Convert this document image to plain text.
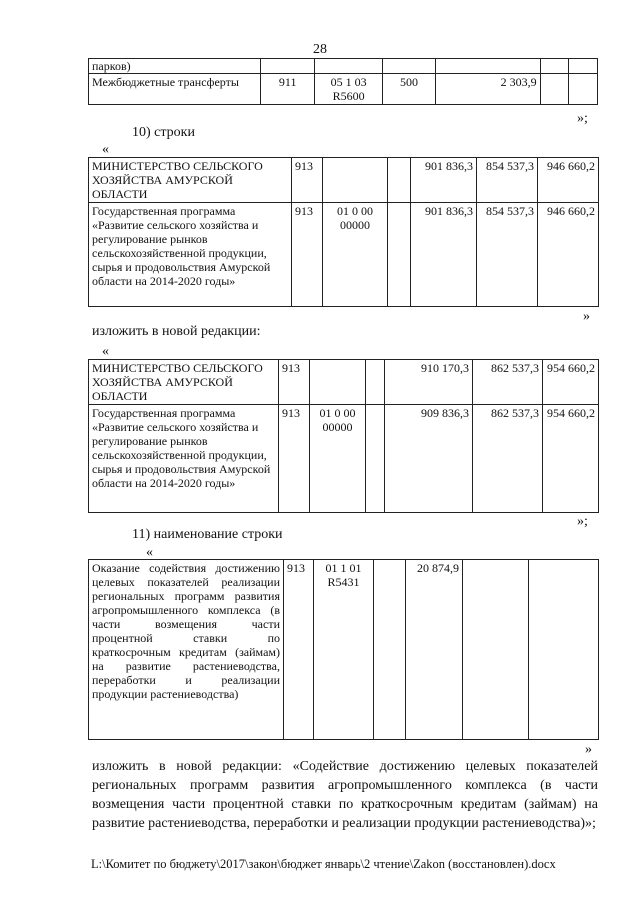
28
парков)						
Межбюджетные трансферты	911	05 1 03 R5600	500	2 303,9		
»;
10) строки
«
МИНИСТЕРСТВО СЕЛЬСКОГО ХОЗЯЙСТВА АМУРСКОЙ ОБЛАСТИ	913			901 836,3	854 537,3	946 660,2
Государственная программа «Развитие сельского хозяйства и регулирование рынков сельскохозяйственной продукции, сырья и продовольствия Амурской области на 2014-2020 годы»	913	01 0 00 00000		901 836,3	854 537,3	946 660,2
»
изложить в новой редакции:
«
МИНИСТЕРСТВО СЕЛЬСКОГО ХОЗЯЙСТВА АМУРСКОЙ ОБЛАСТИ	913			910 170,3	862 537,3	954 660,2
Государственная программа «Развитие сельского хозяйства и регулирование рынков сельскохозяйственной продукции, сырья и продовольствия Амурской области на 2014-2020 годы»	913	01 0 00 00000		909 836,3	862 537,3	954 660,2
»;
11) наименование строки
«
Оказание содействия достижению целевых показателей реализации региональных программ развития агропромышленного комплекса (в части возмещения части процентной ставки по краткосрочным кредитам (займам) на развитие растениеводства, переработки и реализации продукции растениеводства)	913	01 1 01 R5431		20 874,9		
»
изложить в новой редакции: «Содействие достижению целевых показателей региональных программ развития агропромышленного комплекса (в части возмещения части процентной ставки по краткосрочным кредитам (займам) на развитие растениеводства, переработки и реализации продукции растениеводства)»;
L:\Комитет по бюджету\2017\закон\бюджет январь\2 чтение\Zakon (восстановлен).docx
